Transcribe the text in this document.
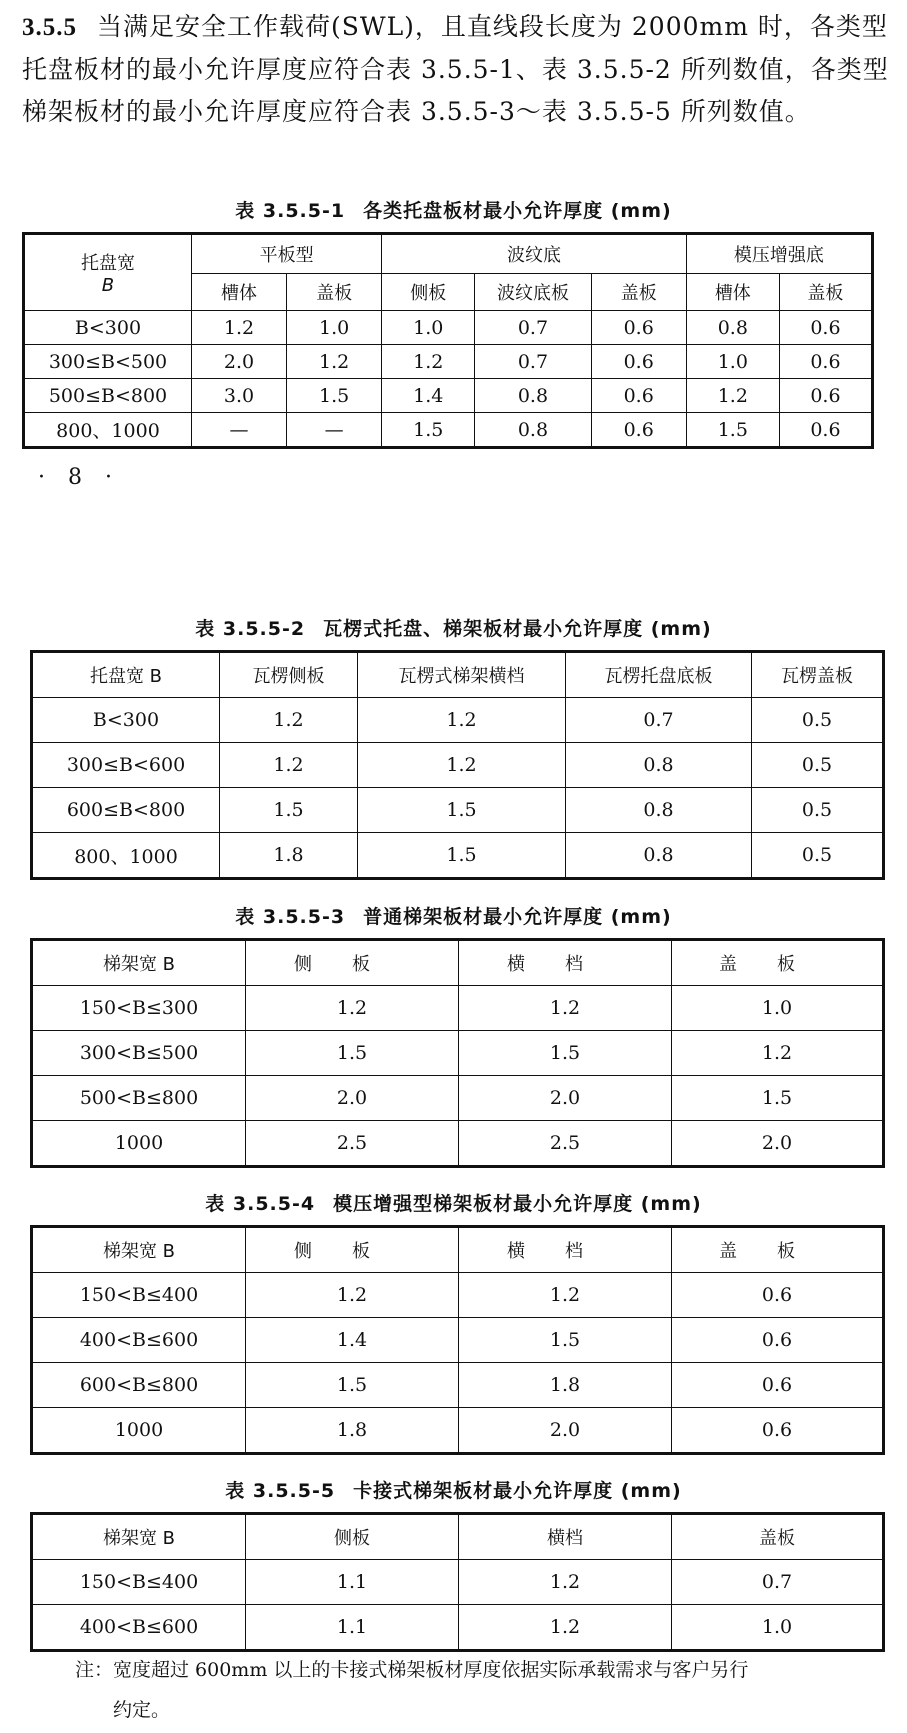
3.5.5 当满足安全工作载荷(SWL)，且直线段长度为 2000mm 时，各类型托盘板材的最小允许厚度应符合表 3.5.5-1、表 3.5.5-2 所列数值，各类型梯架板材的最小允许厚度应符合表 3.5.5-3～表 3.5.5-5 所列数值。
表 3.5.5-1 各类托盘板材最小允许厚度 (mm)
托盘宽
B	平板型		波纹底			模压增强底	
	槽体	盖板	侧板	波纹底板	盖板	槽体	盖板
B<300	1.2	1.0	1.0	0.7	0.6	0.8	0.6
300≤B<500	2.0	1.2	1.2	0.7	0.6	1.0	0.6
500≤B<800	3.0	1.5	1.4	0.8	0.6	1.2	0.6
800、1000	—	—	1.5	0.8	0.6	1.5	0.6
· 8 ·
表 3.5.5-2 瓦楞式托盘、梯架板材最小允许厚度 (mm)
托盘宽 B	瓦楞侧板	瓦楞式梯架横档	瓦楞托盘底板	瓦楞盖板
B<300	1.2	1.2	0.7	0.5
300≤B<600	1.2	1.2	0.8	0.5
600≤B<800	1.5	1.5	0.8	0.5
800、1000	1.8	1.5	0.8	0.5
表 3.5.5-3 普通梯架板材最小允许厚度 (mm)
梯架宽 B	侧板	横档	盖板
150<B≤300	1.2	1.2	1.0
300<B≤500	1.5	1.5	1.2
500<B≤800	2.0	2.0	1.5
1000	2.5	2.5	2.0
表 3.5.5-4 模压增强型梯架板材最小允许厚度 (mm)
梯架宽 B	侧板	横档	盖板
150<B≤400	1.2	1.2	0.6
400<B≤600	1.4	1.5	0.6
600<B≤800	1.5	1.8	0.6
1000	1.8	2.0	0.6
表 3.5.5-5 卡接式梯架板材最小允许厚度 (mm)
梯架宽 B	侧板	横档	盖板
150<B≤400	1.1	1.2	0.7
400<B≤600	1.1	1.2	1.0
注：宽度超过 600mm 以上的卡接式梯架板材厚度依据实际承载需求与客户另行
约定。
